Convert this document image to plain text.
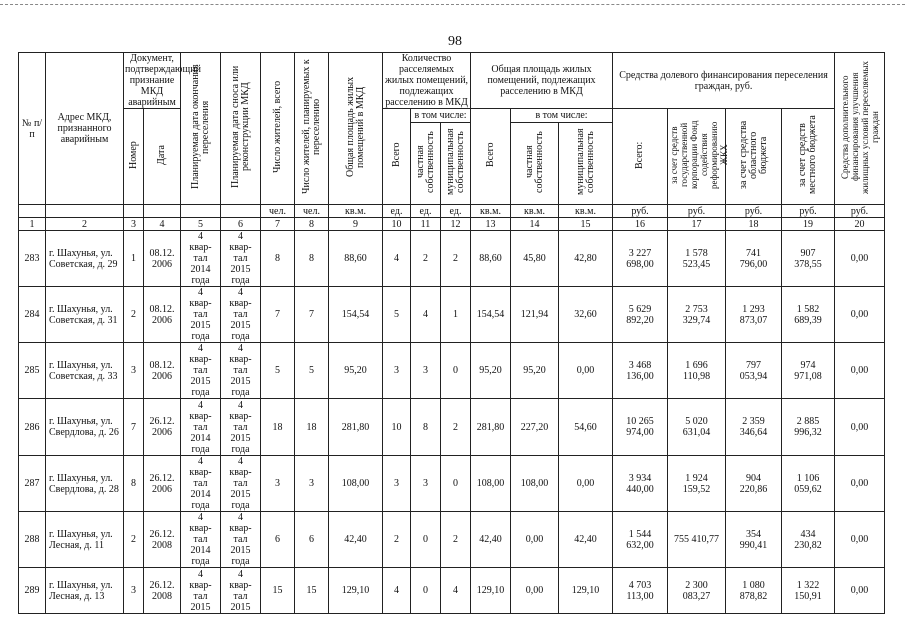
98
№ п/п	Адрес МКД, признанного аварийным	Документ, подтверждающий признание МКД аварийным		Планируемая дата окончания переселения	Планируемая дата сноса или реконструкции МКД	Число жителей, всего	Число жителей, планируемых к переселению	Общая площадь жилых помещений в МКД	Количество расселяемых жилых помещений, подлежащих расселению в МКД			Общая площадь жилых помещений, подлежащих расселению в МКД			Средства долевого финансирования переселения граждан, руб.				Средства дополнительного финансирования улучшения жилищных условий переселяемых граждан
		Номер	Дата						Всего	в том числе:		Всего	в том числе:		Всего:	за счет средств государственной корпорации Фонд содействия реформированию ЖКХ	за счет средства областного бюджета	за счет средств местного бюджета	
										частная собственность	муниципальная собственность		частная собственность	муниципальная собственность					
						чел.	чел.	кв.м.	ед.	ед.	ед.	кв.м.	кв.м.	кв.м.	руб.	руб.	руб.	руб.	руб.
1	2	3	4	5	6	7	8	9	10	11	12	13	14	15	16	17	18	19	20
283	г. Шахунья, ул.
Советская, д. 29	1	08.12.
2006	4
квар-
тал
2014
года	4
квар-
тал
2015
года	8	8	88,60	4	2	2	88,60	45,80	42,80	3 227
698,00	1 578
523,45	741
796,00	907
378,55	0,00
284	г. Шахунья, ул.
Советская, д. 31	2	08.12.
2006	4
квар-
тал
2015
года	4
квар-
тал
2015
года	7	7	154,54	5	4	1	154,54	121,94	32,60	5 629
892,20	2 753
329,74	1 293
873,07	1 582
689,39	0,00
285	г. Шахунья, ул.
Советская, д. 33	3	08.12.
2006	4
квар-
тал
2015
года	4
квар-
тал
2015
года	5	5	95,20	3	3	0	95,20	95,20	0,00	3 468
136,00	1 696
110,98	797
053,94	974
971,08	0,00
286	г. Шахунья, ул.
Свердлова, д. 26	7	26.12.
2006	4
квар-
тал
2014
года	4
квар-
тал
2015
года	18	18	281,80	10	8	2	281,80	227,20	54,60	10 265
974,00	5 020
631,04	2 359
346,64	2 885
996,32	0,00
287	г. Шахунья, ул.
Свердлова, д. 28	8	26.12.
2006	4
квар-
тал
2014
года	4
квар-
тал
2015
года	3	3	108,00	3	3	0	108,00	108,00	0,00	3 934
440,00	1 924
159,52	904
220,86	1 106
059,62	0,00
288	г. Шахунья, ул.
Лесная, д. 11	2	26.12.
2008	4
квар-
тал
2014
года	4
квар-
тал
2015
года	6	6	42,40	2	0	2	42,40	0,00	42,40	1 544
632,00	755 410,77	354
990,41	434
230,82	0,00
289	г. Шахунья, ул.
Лесная, д. 13	3	26.12.
2008	4
квар-
тал
2015	4
квар-
тал
2015	15	15	129,10	4	0	4	129,10	0,00	129,10	4 703
113,00	2 300
083,27	1 080
878,82	1 322
150,91	0,00
